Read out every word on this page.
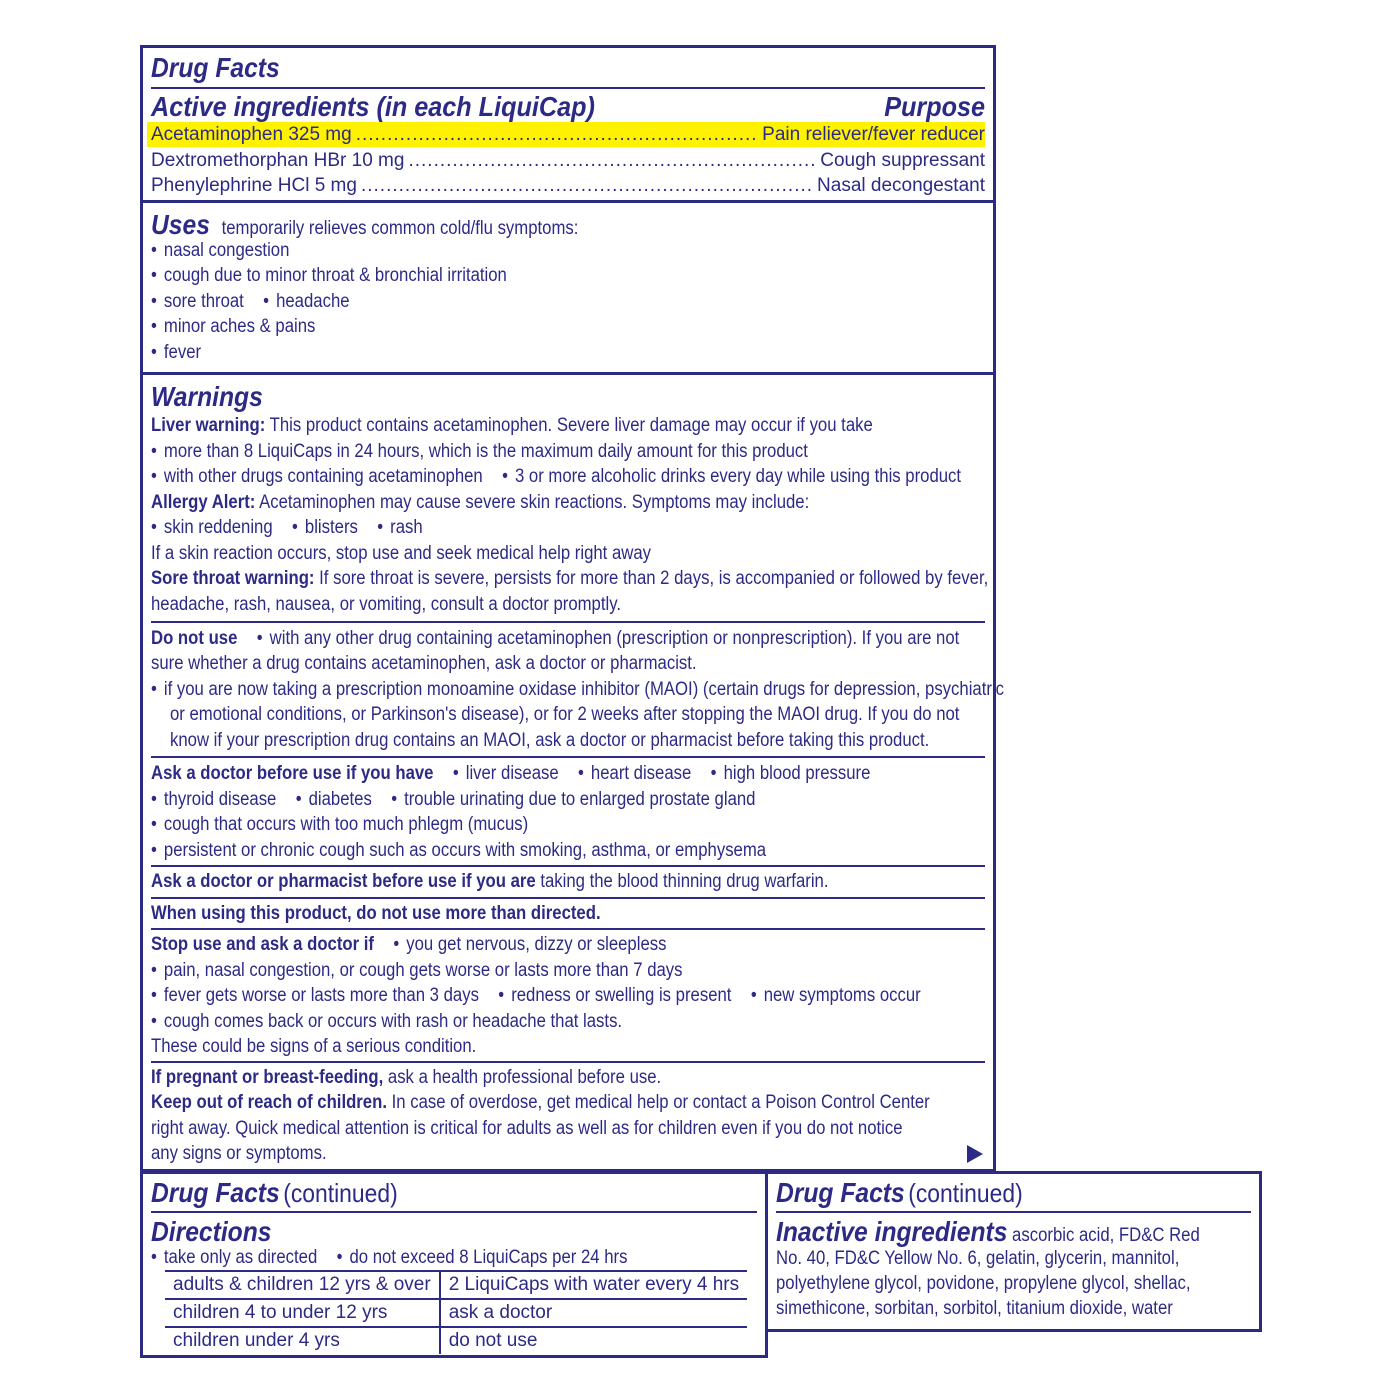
Drug Facts
Active ingredients (in each LiquiCap)	Purpose
Acetaminophen 325 mg .....	Pain reliever/fever reducer
Dextromethorphan HBr 10 mg .....	Cough suppressant
Phenylephrine HCl 5 mg .....	Nasal decongestant
Uses temporarily relieves common cold/flu symptoms:
• nasal congestion
• cough due to minor throat & bronchial irritation
• sore throat • headache
• minor aches & pains
• fever
Warnings
Liver warning: This product contains acetaminophen. Severe liver damage may occur if you take
• more than 8 LiquiCaps in 24 hours, which is the maximum daily amount for this product
• with other drugs containing acetaminophen • 3 or more alcoholic drinks every day while using this product
Allergy Alert: Acetaminophen may cause severe skin reactions. Symptoms may include:
• skin reddening • blisters • rash
If a skin reaction occurs, stop use and seek medical help right away
Sore throat warning: If sore throat is severe, persists for more than 2 days, is accompanied or followed by fever,
headache, rash, nausea, or vomiting, consult a doctor promptly.
Do not use • with any other drug containing acetaminophen (prescription or nonprescription). If you are not
sure whether a drug contains acetaminophen, ask a doctor or pharmacist.
• if you are now taking a prescription monoamine oxidase inhibitor (MAOI) (certain drugs for depression, psychiatric
or emotional conditions, or Parkinson's disease), or for 2 weeks after stopping the MAOI drug. If you do not
know if your prescription drug contains an MAOI, ask a doctor or pharmacist before taking this product.
Ask a doctor before use if you have • liver disease • heart disease • high blood pressure
• thyroid disease • diabetes • trouble urinating due to enlarged prostate gland
• cough that occurs with too much phlegm (mucus)
• persistent or chronic cough such as occurs with smoking, asthma, or emphysema
Ask a doctor or pharmacist before use if you are taking the blood thinning drug warfarin.
When using this product, do not use more than directed.
Stop use and ask a doctor if • you get nervous, dizzy or sleepless
• pain, nasal congestion, or cough gets worse or lasts more than 7 days
• fever gets worse or lasts more than 3 days • redness or swelling is present • new symptoms occur
• cough comes back or occurs with rash or headache that lasts.
These could be signs of a serious condition.
If pregnant or breast-feeding, ask a health professional before use.
Keep out of reach of children. In case of overdose, get medical help or contact a Poison Control Center
right away. Quick medical attention is critical for adults as well as for children even if you do not notice
any signs or symptoms.
Drug Facts (continued)
Directions
• take only as directed • do not exceed 8 LiquiCaps per 24 hrs
adults & children 12 yrs & over	2 LiquiCaps with water every 4 hrs
children 4 to under 12 yrs	ask a doctor
children under 4 yrs	do not use
Drug Facts (continued)
Inactive ingredients ascorbic acid, FD&C Red
No. 40, FD&C Yellow No. 6, gelatin, glycerin, mannitol,
polyethylene glycol, povidone, propylene glycol, shellac,
simethicone, sorbitan, sorbitol, titanium dioxide, water
